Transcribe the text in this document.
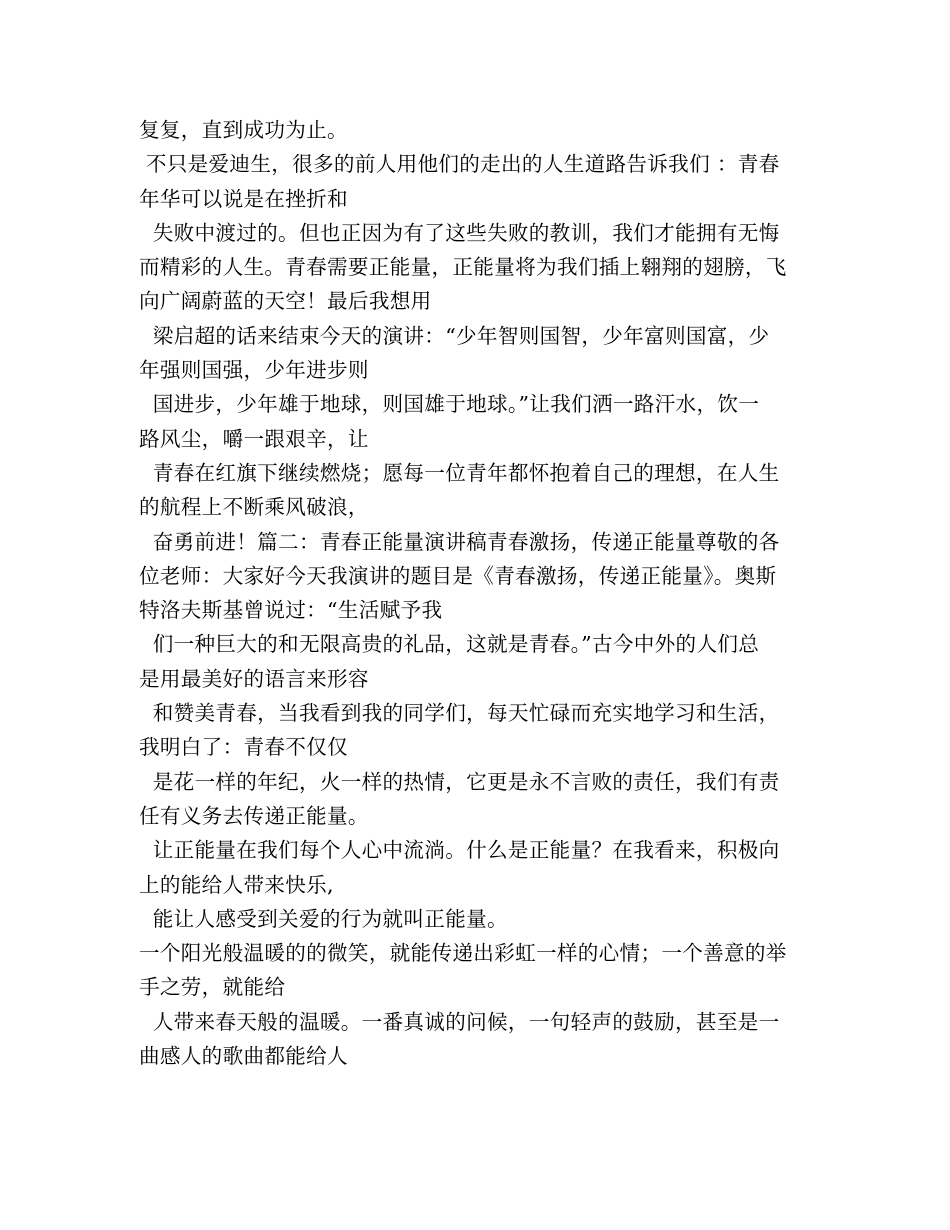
复复，直到成功为止。
不只是爱迪生，很多的前人用他们的走出的人生道路告诉我们 ：青春
年华可以说是在挫折和
失败中渡过的。但也正因为有了这些失败的教训，我们才能拥有无悔
而精彩的人生。青春需要正能量，正能量将为我们插上翱翔的翅膀，飞
向广阔蔚蓝的天空！最后我想用
梁启超的话来结束今天的演讲：“少年智则国智，少年富则国富，少
年强则国强，少年进步则
国进步，少年雄于地球，则国雄于地球。”让我们洒一路汗水，饮一
路风尘，嚼一跟艰辛，让
青春在红旗下继续燃烧；愿每一位青年都怀抱着自己的理想，在人生
的航程上不断乘风破浪，
奋勇前进！篇二：青春正能量演讲稿青春激扬，传递正能量尊敬的各
位老师：大家好今天我演讲的题目是《青春激扬，传递正能量》。奥斯
特洛夫斯基曾说过：“生活赋予我
们一种巨大的和无限高贵的礼品，这就是青春。”古今中外的人们总
是用最美好的语言来形容
和赞美青春，当我看到我的同学们，每天忙碌而充实地学习和生活，
我明白了：青春不仅仅
是花一样的年纪，火一样的热情，它更是永不言败的责任，我们有责
任有义务去传递正能量。
让正能量在我们每个人心中流淌。什么是正能量？在我看来，积极向
上的能给人带来快乐,
能让人感受到关爱的行为就叫正能量。
一个阳光般温暖的的微笑，就能传递出彩虹一样的心情；一个善意的举
手之劳，就能给
人带来春天般的温暖。一番真诚的问候，一句轻声的鼓励，甚至是一
曲感人的歌曲都能给人
